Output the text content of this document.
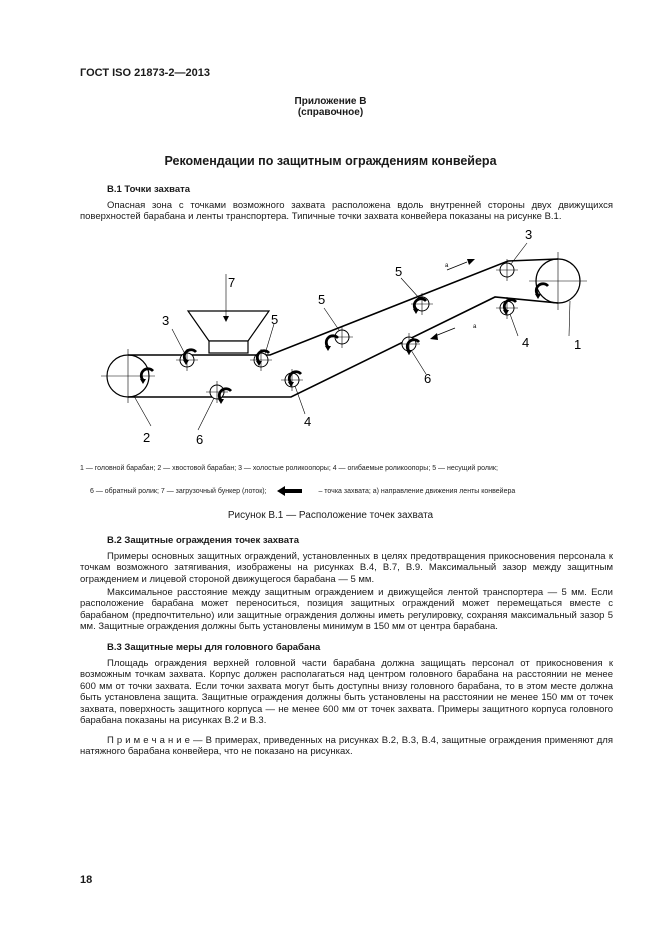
ГОСТ ISO 21873-2—2013
Приложение В
(справочное)
Рекомендации по защитным ограждениям конвейера
В.1 Точки захвата

Опасная зона с точками возможного захвата расположена вдоль внутренней стороны двух движущихся поверхностей барабана и ленты транспортера. Типичные точки захвата конвейера показаны на рисунке В.1.

1
2
3
3
4
4
5
5
5
6
6
7
a
a
1 — головной барабан; 2 — хвостовой барабан; 3 — холостые роликоопоры; 4 — огибаемые роликоопоры; 5 — несущий ролик;
6 — обратный ролик; 7 — загрузочный бункер (лоток);	– точка захвата; а) направление движения ленты конвейера
Рисунок В.1 — Расположение точек захвата
В.2 Защитные ограждения точек захвата

Примеры основных защитных ограждений, установленных в целях предотвращения прикосновения персонала к точкам возможного затягивания, изображены на рисунках В.4, В.7, В.9. Максимальный зазор между защитным ограждением и лицевой стороной движущегося барабана — 5 мм.

Максимальное расстояние между защитным ограждением и движущейся лентой транспортера — 5 мм. Если расположение барабана может переноситься, позиция защитных ограждений может перемещаться вместе с барабаном (предпочтительно) или защитные ограждения должны иметь регулировку, сохраняя максимальный зазор 5 мм. Защитные ограждения должны быть установлены минимум в 150 мм от центра барабана.

В.3 Защитные меры для головного барабана

Площадь ограждения верхней головной части барабана должна защищать персонал от прикосновения к возможным точкам захвата. Корпус должен располагаться над центром головного барабана на расстоянии не менее 600 мм от точки захвата. Если точки захвата могут быть доступны внизу головного барабана, то в этом месте должна быть установлена защита. Защитные ограждения должны быть установлены на расстоянии не менее 150 мм от точек захвата, поверхность защитного корпуса — не менее 600 мм от точек захвата. Примеры защитного корпуса головного барабана показаны на рисунках В.2 и В.3.

П р и м е ч а н и е — В примерах, приведенных на рисунках В.2, В.3, В.4, защитные ограждения применяют для натяжного барабана конвейера, что не показано на рисунках.

18
